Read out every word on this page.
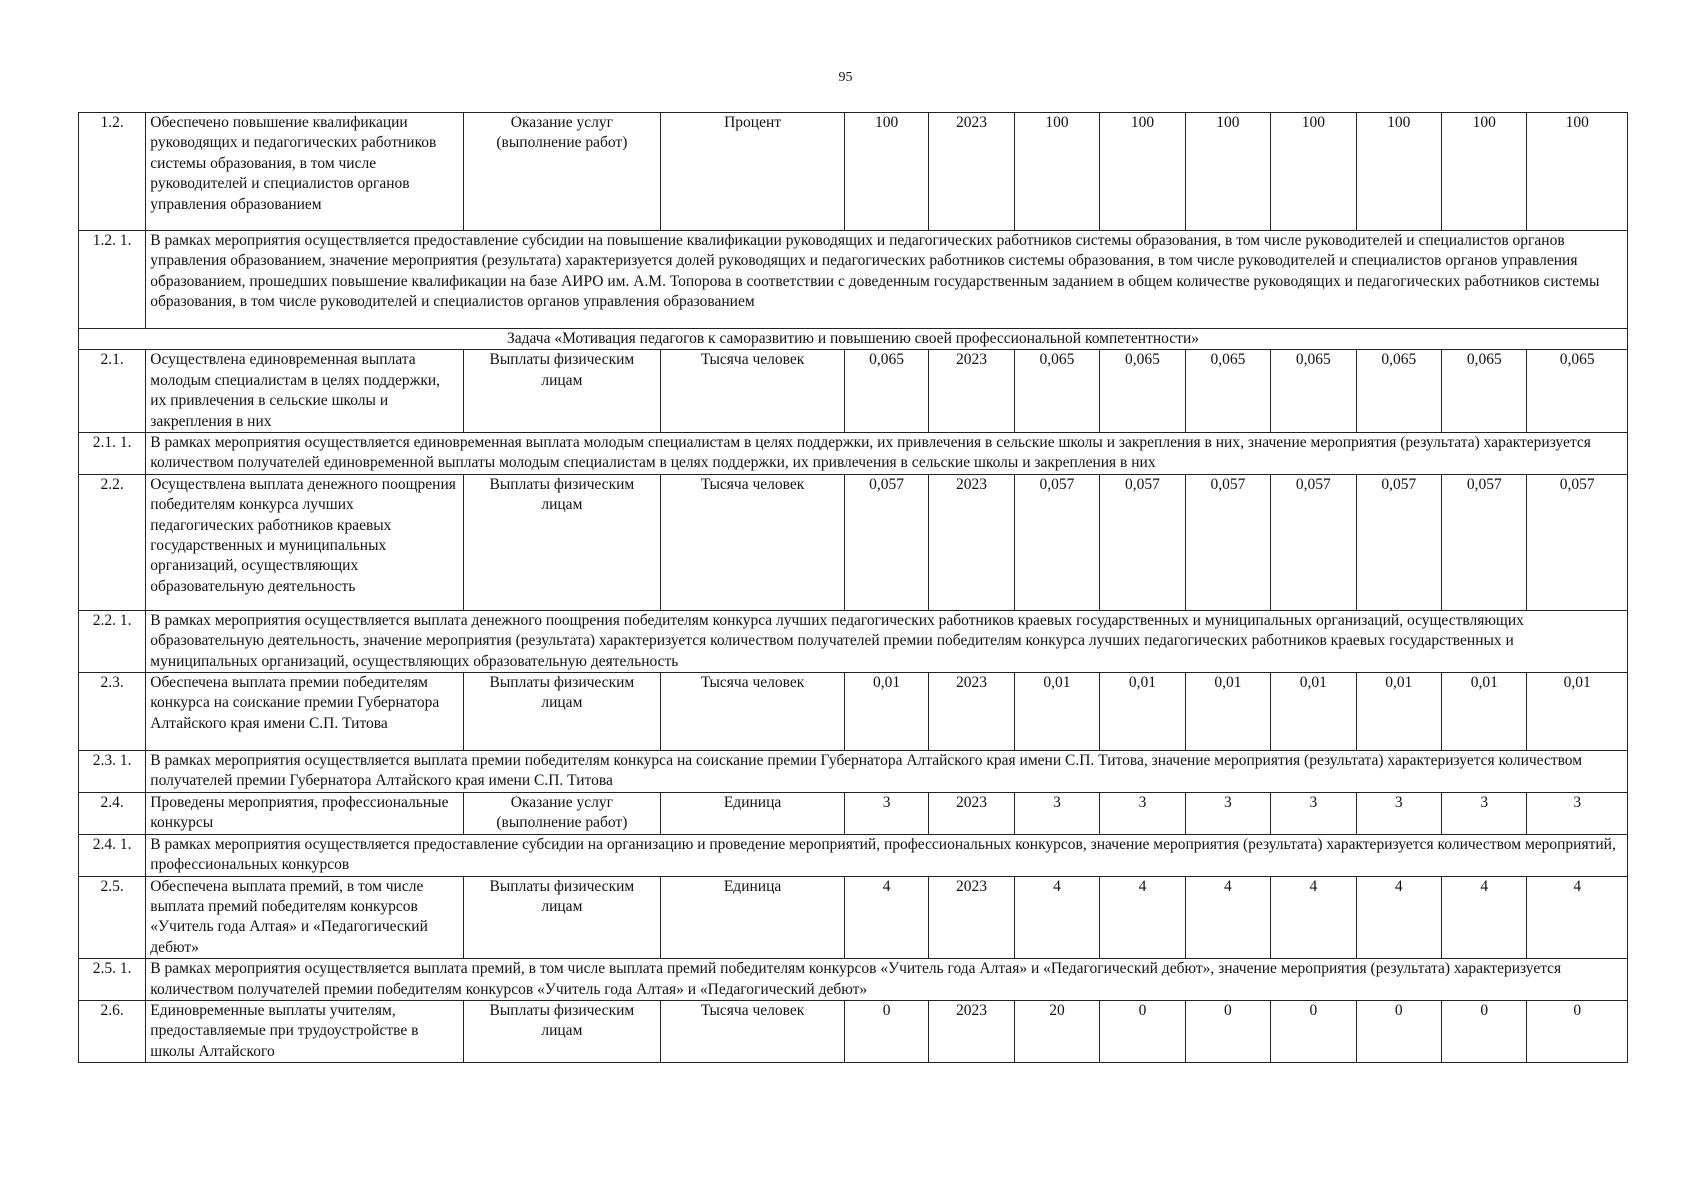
95
1.2.	Обеспечено повышение квалификации руководящих и педагогических работников системы образования, в том числе руководителей и специалистов органов управления образованием	Оказание услуг (выполнение работ)	Процент	100	2023	100	100	100	100	100	100	100
1.2. 1.	В рамках мероприятия осуществляется предоставление субсидии на повышение квалификации руководящих и педагогических работников системы образования, в том числе руководителей и специалистов органов управления образованием, значение мероприятия (результата) характеризуется долей руководящих и педагогических работников системы образования, в том числе руководителей и специалистов органов управления образованием, прошедших повышение квалификации на базе АИРО им. А.М. Топорова в соответствии с доведенным государственным заданием в общем количестве руководящих и педагогических работников системы образования, в том числе руководителей и специалистов органов управления образованием											
Задача «Мотивация педагогов к саморазвитию и повышению своей профессиональной компетентности»												
2.1.	Осуществлена единовременная выплата молодым специалистам в целях поддержки, их привлечения в сельские школы и закрепления в них	Выплаты физическим лицам	Тысяча человек	0,065	2023	0,065	0,065	0,065	0,065	0,065	0,065	0,065
2.1. 1.	В рамках мероприятия осуществляется единовременная выплата молодым специалистам в целях поддержки, их привлечения в сельские школы и закрепления в них, значение мероприятия (результата) характеризуется количеством получателей единовременной выплаты молодым специалистам в целях поддержки, их привлечения в сельские школы и закрепления в них											
2.2.	Осуществлена выплата денежного поощрения победителям конкурса лучших педагогических работников краевых государственных и муниципальных организаций, осуществляющих образовательную деятельность	Выплаты физическим лицам	Тысяча человек	0,057	2023	0,057	0,057	0,057	0,057	0,057	0,057	0,057
2.2. 1.	В рамках мероприятия осуществляется выплата денежного поощрения победителям конкурса лучших педагогических работников краевых государственных и муниципальных организаций, осуществляющих образовательную деятельность, значение мероприятия (результата) характеризуется количеством получателей премии победителям конкурса лучших педагогических работников краевых государственных и муниципальных организаций, осуществляющих образовательную деятельность											
2.3.	Обеспечена выплата премии победителям конкурса на соискание премии Губернатора Алтайского края имени С.П. Титова	Выплаты физическим лицам	Тысяча человек	0,01	2023	0,01	0,01	0,01	0,01	0,01	0,01	0,01
2.3. 1.	В рамках мероприятия осуществляется выплата премии победителям конкурса на соискание премии Губернатора Алтайского края имени С.П. Титова, значение мероприятия (результата) характеризуется количеством получателей премии Губернатора Алтайского края имени С.П. Титова											
2.4.	Проведены мероприятия, профессиональные конкурсы	Оказание услуг (выполнение работ)	Единица	3	2023	3	3	3	3	3	3	3
2.4. 1.	В рамках мероприятия осуществляется предоставление субсидии на организацию и проведение мероприятий, профессиональных конкурсов, значение мероприятия (результата) характеризуется количеством мероприятий, профессиональных конкурсов											
2.5.	Обеспечена выплата премий, в том числе выплата премий победителям конкурсов «Учитель года Алтая» и «Педагогический дебют»	Выплаты физическим лицам	Единица	4	2023	4	4	4	4	4	4	4
2.5. 1.	В рамках мероприятия осуществляется выплата премий, в том числе выплата премий победителям конкурсов «Учитель года Алтая» и «Педагогический дебют», значение мероприятия (результата) характеризуется количеством получателей премии победителям конкурсов «Учитель года Алтая» и «Педагогический дебют»											
2.6.	Единовременные выплаты учителям, предоставляемые при трудоустройстве в школы Алтайского	Выплаты физическим лицам	Тысяча человек	0	2023	20	0	0	0	0	0	0
